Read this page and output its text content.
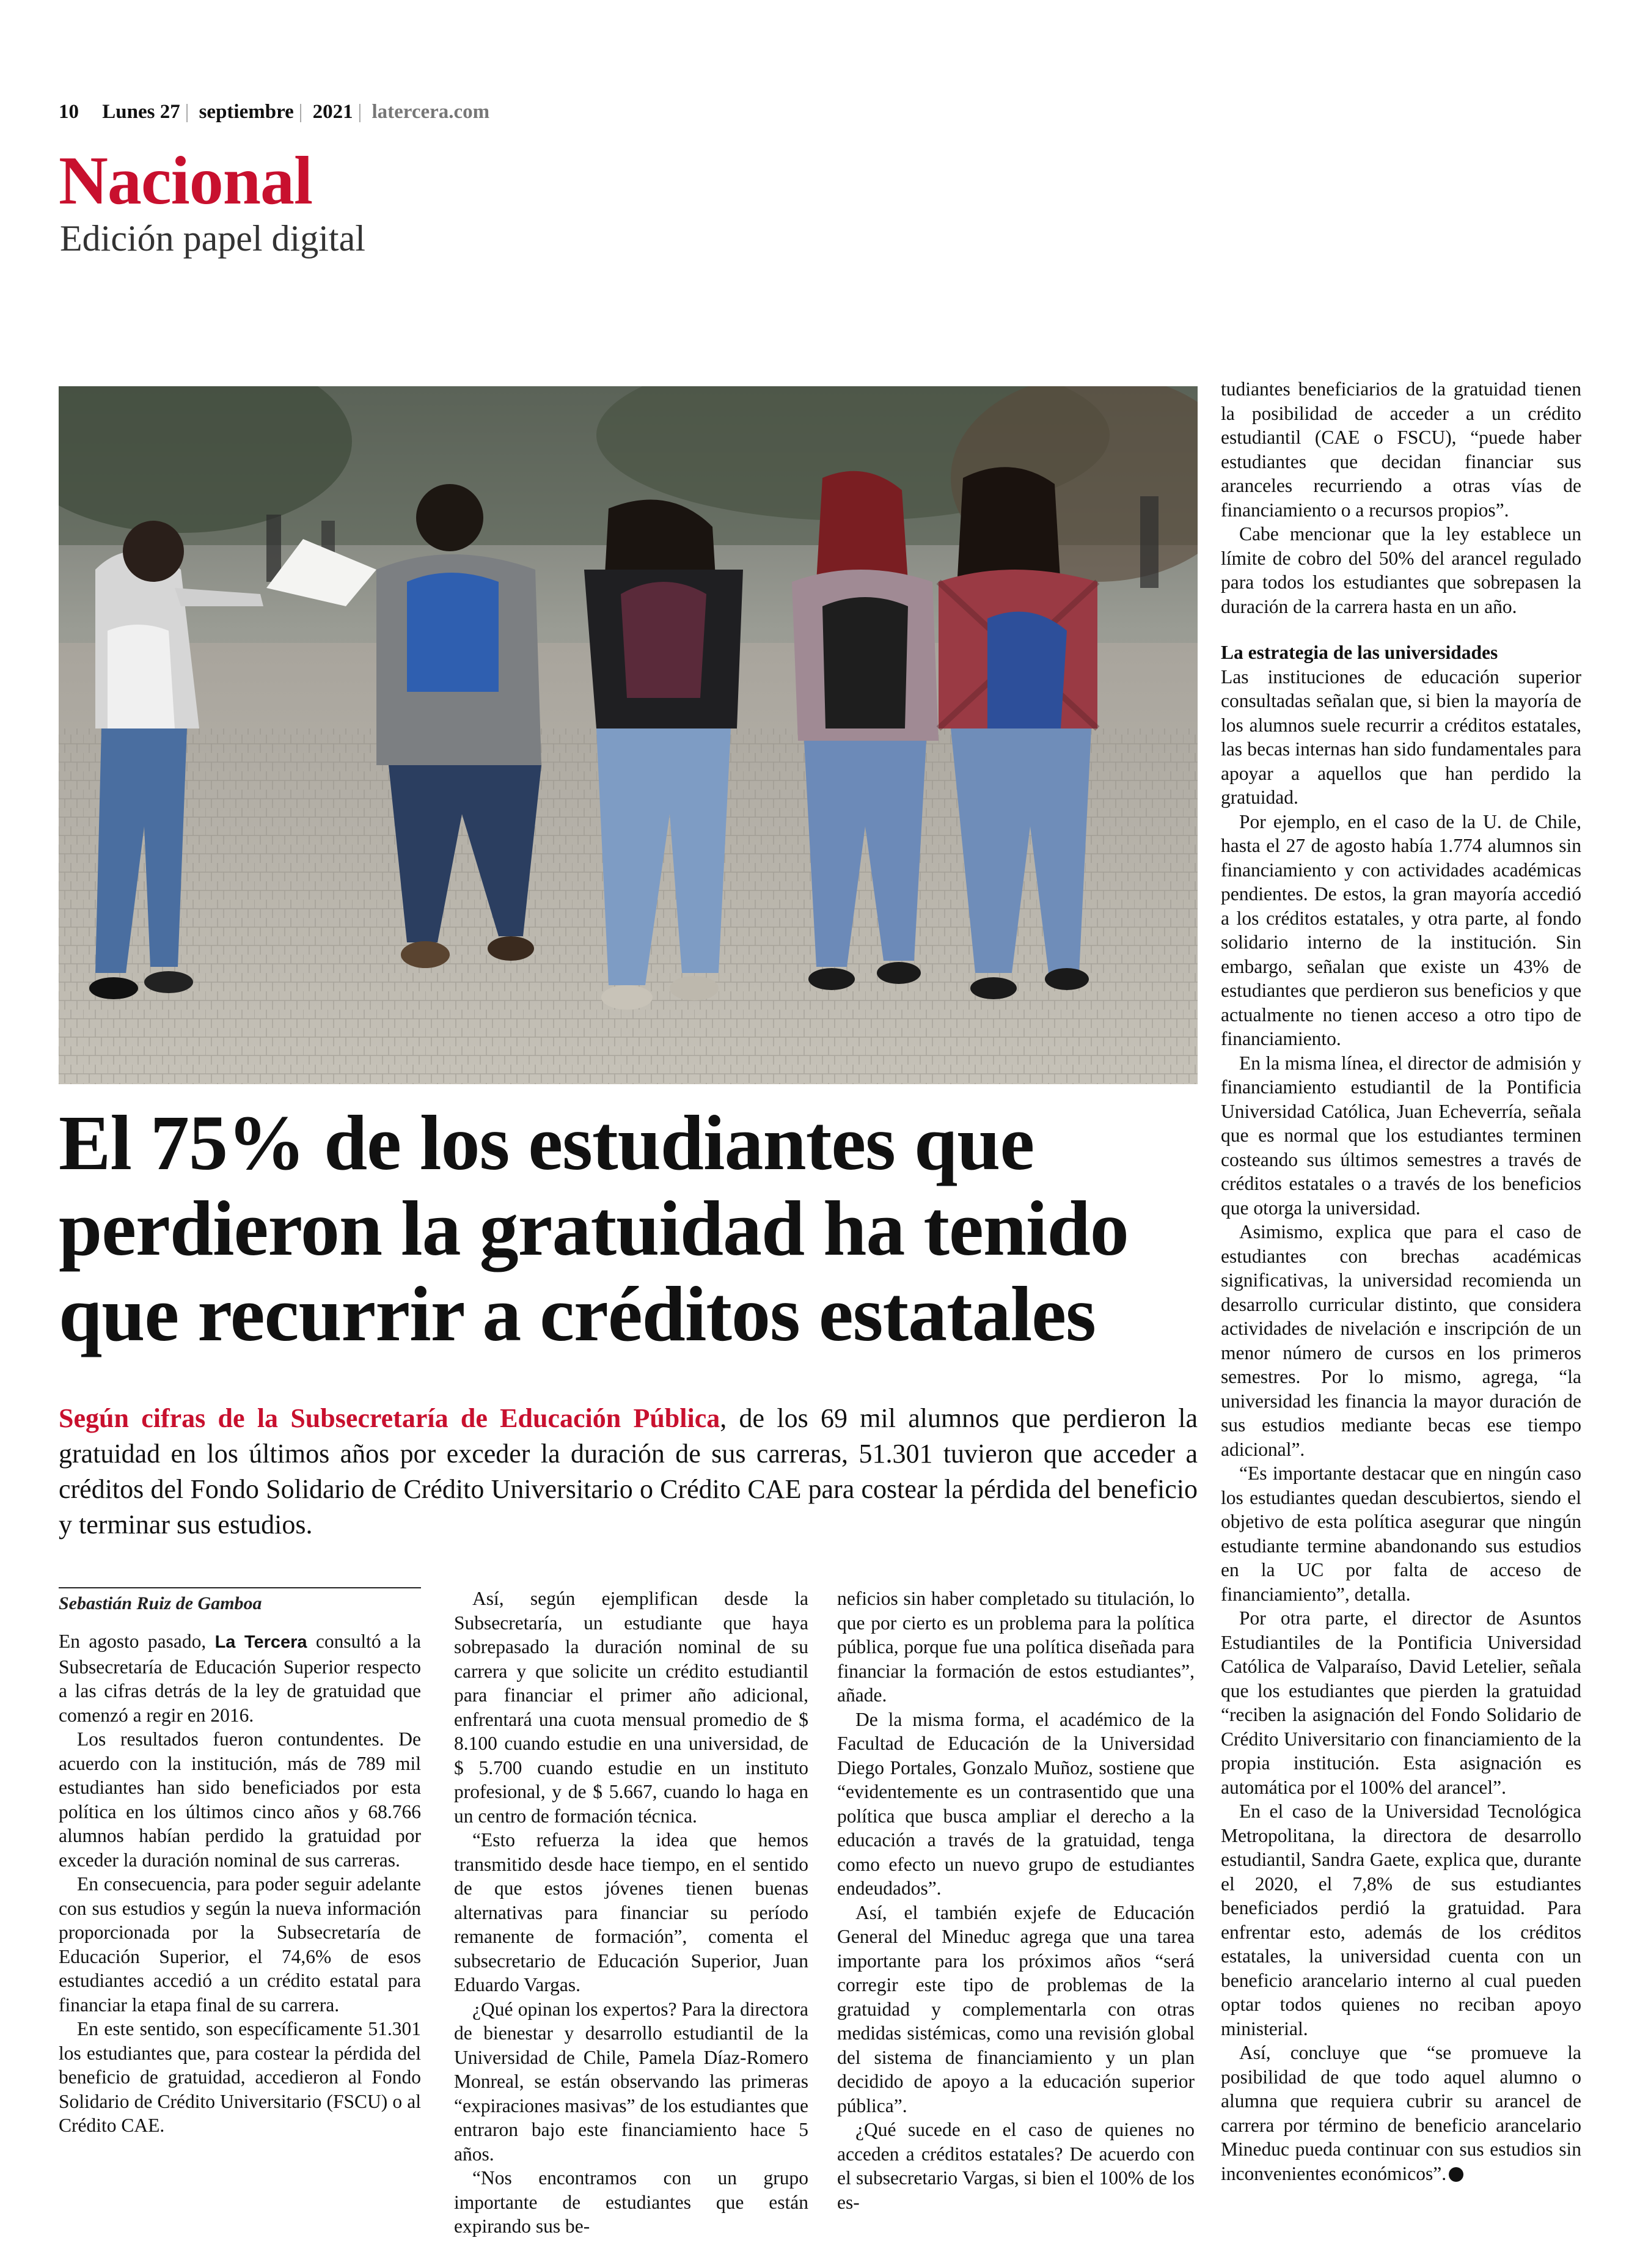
10 Lunes 27 | septiembre | 2021 | latercera.com
Nacional
Edición papel digital
El 75% de los estudiantes que
perdieron la gratuidad ha tenido
que recurrir a créditos estatales
Según cifras de la Subsecretaría de Educación Pública, de los 69 mil alumnos que perdieron la gratuidad en los últimos años por exceder la duración de sus carreras, 51.301 tuvieron que acceder a créditos del Fondo Solidario de Crédito Universitario o Crédito CAE para costear la pérdida del beneficio y terminar sus estudios.
Sebastián Ruiz de Gamboa

En agosto pasado, La Tercera consultó a la Subsecretaría de Educación Superior respecto a las cifras detrás de la ley de gratuidad que comenzó a regir en 2016.

Los resultados fueron contundentes. De acuerdo con la institución, más de 789 mil estudiantes han sido beneficiados por esta política en los últimos cinco años y 68.766 alumnos habían perdido la gratuidad por exceder la duración nominal de sus carreras.

En consecuencia, para poder seguir adelante con sus estudios y según la nueva información proporcionada por la Subsecretaría de Educación Superior, el 74,6% de esos estudiantes accedió a un crédito estatal para financiar la etapa final de su carrera.

En este sentido, son específicamente 51.301 los estudiantes que, para costear la pérdida del beneficio de gratuidad, accedieron al Fondo Solidario de Crédito Universitario (FSCU) o al Crédito CAE.

Así, según ejemplifican desde la Subsecretaría, un estudiante que haya sobrepasado la duración nominal de su carrera y que solicite un crédito estudiantil para financiar el primer año adicional, enfrentará una cuota mensual promedio de $ 8.100 cuando estudie en una universidad, de $ 5.700 cuando estudie en un instituto profesional, y de $ 5.667, cuando lo haga en un centro de formación técnica.

“Esto refuerza la idea que hemos transmitido desde hace tiempo, en el sentido de que estos jóvenes tienen buenas alternativas para financiar su período remanente de formación”, comenta el subsecretario de Educación Superior, Juan Eduardo Vargas.

¿Qué opinan los expertos? Para la directora de bienestar y desarrollo estudiantil de la Universidad de Chile, Pamela Díaz-Romero Monreal, se están observando las primeras “expiraciones masivas” de los estudiantes que entraron bajo este financiamiento hace 5 años.

“Nos encontramos con un grupo importante de estudiantes que están expirando sus be-

neficios sin haber completado su titulación, lo que por cierto es un problema para la política pública, porque fue una política diseñada para financiar la formación de estos estudiantes”, añade.

De la misma forma, el académico de la Facultad de Educación de la Universidad Diego Portales, Gonzalo Muñoz, sostiene que “evidentemente es un contrasentido que una política que busca ampliar el derecho a la educación a través de la gratuidad, tenga como efecto un nuevo grupo de estudiantes endeudados”.

Así, el también exjefe de Educación General del Mineduc agrega que una tarea importante para los próximos años “será corregir este tipo de problemas de la gratuidad y complementarla con otras medidas sistémicas, como una revisión global del sistema de financiamiento y un plan decidido de apoyo a la educación superior pública”.

¿Qué sucede en el caso de quienes no acceden a créditos estatales? De acuerdo con el subsecretario Vargas, si bien el 100% de los es-

tudiantes beneficiarios de la gratuidad tienen la posibilidad de acceder a un crédito estudiantil (CAE o FSCU), “puede haber estudiantes que decidan financiar sus aranceles recurriendo a otras vías de financiamiento o a recursos propios”.

Cabe mencionar que la ley establece un límite de cobro del 50% del arancel regulado para todos los estudiantes que sobrepasen la duración de la carrera hasta en un año.

La estrategia de las universidades

Las instituciones de educación superior consultadas señalan que, si bien la mayoría de los alumnos suele recurrir a créditos estatales, las becas internas han sido fundamentales para apoyar a aquellos que han perdido la gratuidad.

Por ejemplo, en el caso de la U. de Chile, hasta el 27 de agosto había 1.774 alumnos sin financiamiento y con actividades académicas pendientes. De estos, la gran mayoría accedió a los créditos estatales, y otra parte, al fondo solidario interno de la institución. Sin embargo, señalan que existe un 43% de estudiantes que perdieron sus beneficios y que actualmente no tienen acceso a otro tipo de financiamiento.

En la misma línea, el director de admisión y financiamiento estudiantil de la Pontificia Universidad Católica, Juan Echeverría, señala que es normal que los estudiantes terminen costeando sus últimos semestres a través de créditos estatales o a través de los beneficios que otorga la universidad.

Asimismo, explica que para el caso de estudiantes con brechas académicas significativas, la universidad recomienda un desarrollo curricular distinto, que considera actividades de nivelación e inscripción de un menor número de cursos en los primeros semestres. Por lo mismo, agrega, “la universidad les financia la mayor duración de sus estudios mediante becas ese tiempo adicional”.

“Es importante destacar que en ningún caso los estudiantes quedan descubiertos, siendo el objetivo de esta política asegurar que ningún estudiante termine abandonando sus estudios en la UC por falta de acceso de financiamiento”, detalla.

Por otra parte, el director de Asuntos Estudiantiles de la Pontificia Universidad Católica de Valparaíso, David Letelier, señala que los estudiantes que pierden la gratuidad “reciben la asignación del Fondo Solidario de Crédito Universitario con financiamiento de la propia institución. Esta asignación es automática por el 100% del arancel”.

En el caso de la Universidad Tecnológica Metropolitana, la directora de desarrollo estudiantil, Sandra Gaete, explica que, durante el 2020, el 7,8% de sus estudiantes beneficiados perdió la gratuidad. Para enfrentar esto, además de los créditos estatales, la universidad cuenta con un beneficio arancelario interno al cual pueden optar todos quienes no reciban apoyo ministerial.

Así, concluye que “se promueve la posibilidad de que todo aquel alumno o alumna que requiera cubrir su arancel de carrera por término de beneficio arancelario Mineduc pueda continuar con sus estudios sin inconvenientes económicos”.
